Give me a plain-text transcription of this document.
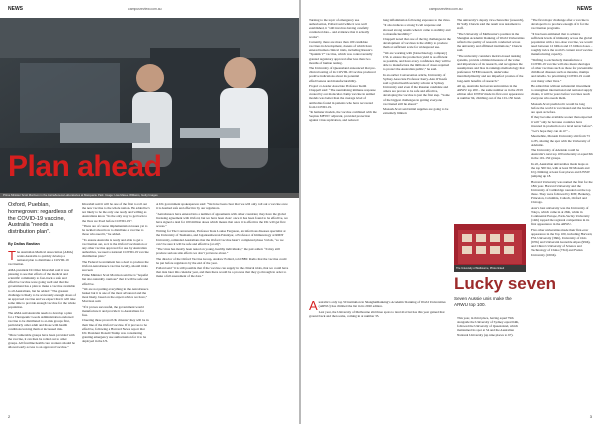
NEWS	campusreview.com.au
Plan ahead
Prime Minister Scott Morrison in the AstraZeneca Laboratories at Macquarie Park. Image: Lisa Maree Williams, Getty Images
Oxford, Pueblan, homegrown: regardless of the COVID-19 vaccine, Australia “needs a distribution plan”.
By Dallas Bastian

The Australian Medical Association (AMA) wants Australia to quickly develop a national plan to distribute a COVID-19 vaccination.

AMA president Dr Omar Khorshid said it was pleasing to see that efforts of the medical and scientific community to fast-track a safe and effective vaccine were going well and that the government has a plan to make a vaccine available to all Australians, but he added: “The greatest challenge is likely to be accurately enough doses of an approved vaccine and we expect that it will take some time to provide enough vaccine for the whole population.

The AMA said Australia needs to develop a plan for a Therapeutic Goods Administration endorsed vaccine to be distributed to at-risk groups first, particularly older adult and those with health conditions leaving them at increased risk.

“More vulnerable groups have been provided with the vaccine, it can then be rolled out to other groups. All frontline health care workers should be allowed early access to an approved vaccine.”

Khorshid said it will be one of the first to roll out the new vaccine to the whole nation. He added he’s not likely to be the only one ready and willing as Australians know “its the only way to get back to the lives we lived before COVID-19”.

“There are of course implementation issues yet to be tackled about how to distribute a vaccine to those who need it,” he added.

“To ensure Australia is ready and able to get a vaccination out, as it is the Oxford vaccination or any other vaccine approved for use by Australian authorities, we need a national COVID-19 vaccine distribution plan.”

The Federal Government has a deal to produce the Oxford-AstraZeneca vaccine locally, should trials succeed.

Prime Minister Scott Morrison said he is “hopeful but also naturally cautious” that it will be safe and effective.

“We are not putting everything in the AstraZeneca basket but it is one of the most advanced and the most likely, based on the expert advice we have,” Morrison said.

“If it proves successful, the government would manufacture it and provide it to Australians for free.

Cheering three proved UK citizens’ they will be in their line of the Oxford vaccine. If it proves to be effective, following a Harvard News report that UK President Donald Trump was considering granting emergency use authorisation for it to be deployed in the US.

A UK government spokesperson said: “We have been clear that we will only roll out a vaccine once it is deemed safe and effective by our regulators.

“AstraZeneca have entered into a number of agreements with other countries; they have the global licensing agreement with Oxford, but we have been clear: once it has been found to be effective, we have signed a deal for 100 million doses which means that once it is effective the UK will get first access.”

Writing for The Conversation, Professor Kate Louise Ferguson, an infectious diseases specialist at the University of Tasmania, and Jagadeeshwaran Palaniyar, a Professor of Immunology at RMIT University, reminded Australians that the Oxford vaccine hasn’t completed phase 3 trials, “so we can’t be sure it will be safe and effective (at all)”.

“The virus has mostly been tested on young, healthy individuals,” the pair added. “It may still produce serious side effects we don’t yet know about.”

The director of the Oxford Vaccine Group, Andrew Pollard, told BBC Radio that the vaccine could be put before regulators by the end of the year.

Pollard said “it is still possible that if the vaccine can supply in the clinical trials, that we could have that data later this calendar year, and then there would be a process that they go through in order to make a full assessment of the data.”

2
NEWS
campusreview.com.au

Turning to the topic of emergency use authorisation, Pollard said while it was well established, it “still involves having carefully conducted data... and evidence that it actually works”.

Currently, there are more than 100 candidate vaccines in development, dozens of which have entered human clinical trials, including Russia’s “Sputnik V” vaccine, which was controversially granted regulatory approval after less than two months of human testing.

The University of Queensland announced that pre-clinical testing of its COVID-19 vaccine produced positive indications about its potential effectiveness and manufacturability.

Project co-leader Associate Professor Keith Chappell said: “The neutralising immune response created by our molecular clamp vaccine in animal models was better than the average level of antibodies found in patients who have recovered from COVID-19.

“In hamster models, the vaccine combined with the Seqirus MF59® adjuvant, provided protection against virus replication, and reduced

The University of Melbourne, Photo linked
Lucky seven
Seven Aussie unis make the ARWU top 100.

lung inflammation following exposure to the virus.

“It also induces a strong T-cell response and showed strong results when it came to stability and to manufacturability.”

Chappell noted that one of the big challenges in the development of vaccines is the ability to produce them at sufficient scale for widespread use.

“We are working with [biotechnology company] CSL to ensure the production yield is as efficient as possible, and have every confidence they will be able to manufacture the millions of doses required to protect the Australian public,” he said.

In an earlier Conversation article, University of Sydney Associate Professor Kerry-Ann O’Keefe said a global health security scholar at Sydney University said even if the Russian candidate and others are proven to be safe and effective, developing the vaccine is just the first step. “Some of the biggest challenges in getting everyone vaccinated still lie ahead.”

Monash-Scott said initial supplies are going to be extremely limited.

Australia’s only top 50 institution in ShanghaiRanking’s Academic Ranking of World Universities (ARWU) has climbed the list in its 2020 edition.

Last year, the University of Melbourne slid three spots to land 41st but has this year gained that ground back and then some, coming in at number 35.

The university’s deputy vice-chancellor (research), Dr Sally Chawla said the result was testament to staff.

“The University of Melbourne’s position in the Shanghai Academic Ranking of World Universities reflects the quality of research conducted across the university and affiliated institutions,” Chawla said.

“The university considers metrics-based ranking systems, provide a limited measure of the value and importance of its research, and recognises the assumptions and bias in rankings methodology that preference STEM research, undervalue interdisciplinarity and are imperfect proxies of the long-term benefits of research.”

All up, Australia had seven universities in the ARWU top 200 – the same number as in the 2019 edition after UNSW made its first ever appearance at number 94, climbing out of the 101-150 band.

This year, in third place, having equal 79th alongside the University of Sydney equal 64th, followed the University of Queensland, which maintained its spot at 54 and the Australian National University (up nine places to 67).

“The first major challenge after a vaccine is developed is to produce enough of it for the vaccination programs.

“It has been estimated that to achieve sufficient levels of immunity across the global population with a two-dose vaccine, we would need between 12 billion and 15 billion doses – roughly twice the world’s current total vaccine manufacturing capacity.

“Shifting to exclusively manufacture a COVID-19 vaccine will also mean shortages of other vaccines such as those for preventable childhood diseases such as measles, mumps and rubella. So prioritising COVID-19 could cost many other lives.”

He added that without substantial investment to strengthen international and national supply chains, it will be years before vaccines reach everyone who needs them.

Monash-Scott predicted it would be long before the world is vaccinated and the borders are open as before.

If they become available sooner than expected it will “only be because countries have invested in production at a level never before”.

“Let’s hope they can do it!” –

Meanwhile, Monash University slid from 73 to 85, sharing the spot with the University of Adelaide.

The University of Adelaide could be Australia’s next top 100 university at equal 6th in the 101-150 groups.

In all, Australian universities made leaps as the top 500 list, with at least 99 Monash and UQ climbing at least four places and UNSW jumping up 18.

Harvard University was named the first for the 18th year. Harvard University and the University of Cambridge rounded out the top three. They were followed by MIT, Berkeley, Princeton, Columbia, Caltech, Oxford and Chicago.

Asia’s best university was the University of Tokyo, which came in at 26th, while in Continental Europe, Paris-Saclay University (14th) topped the regional competition in its first appearance in the ARWU.

Five other universities made their first-ever appearance in the Top 100, including Harvard, PSL University (36th), University of Oslo (67th) and Université Grenoble Alpes (99th), and China’s University of Science and Technology of China (73rd) and Fudan University (100th).

3
